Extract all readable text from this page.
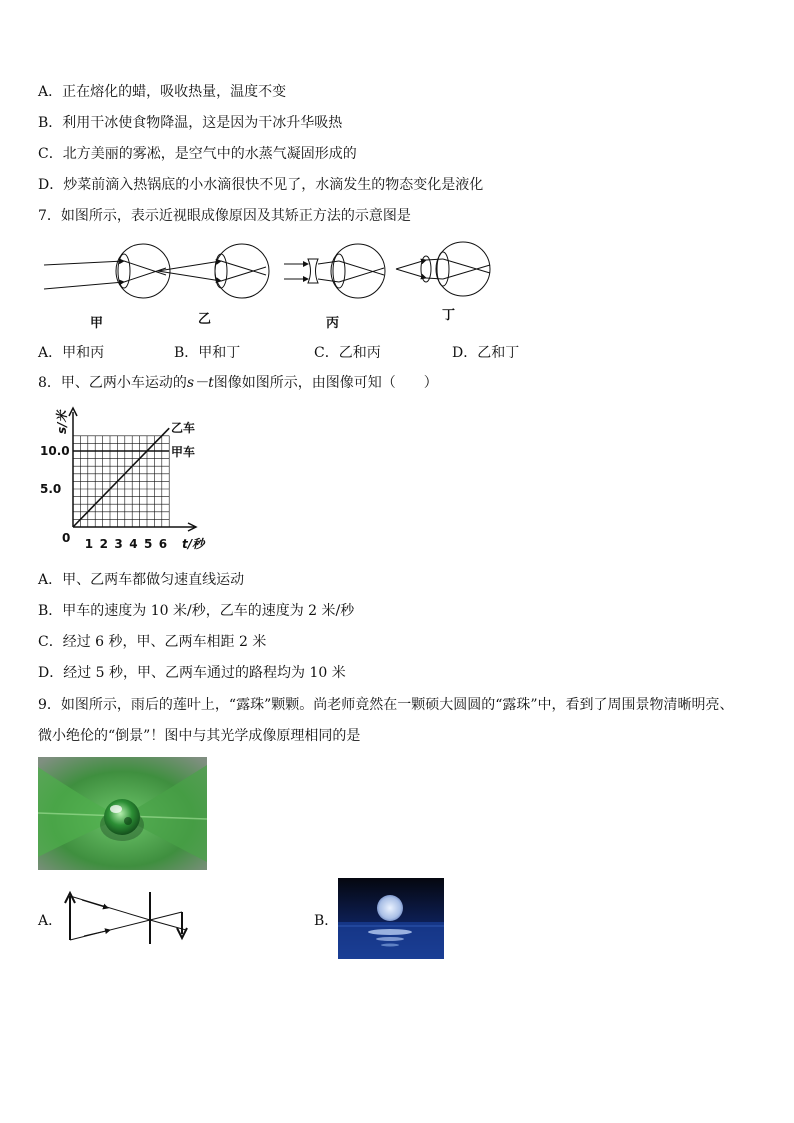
A．正在熔化的蜡，吸收热量，温度不变
B．利用干冰使食物降温，这是因为干冰升华吸热
C．北方美丽的雾凇，是空气中的水蒸气凝固形成的
D．炒菜前滴入热锅底的小水滴很快不见了，水滴发生的物态变化是液化
7．如图所示，表示近视眼成像原因及其矫正方法的示意图是
甲	乙	丙
丁
A．甲和丙	B．甲和丁	C．乙和丙	D．乙和丁
8．甲、乙两小车运动的s－t图像如图所示，由图像可知（　　）
0 1 2 3 4 5 6
5.0
10.0
t/秒
s/米	乙车
甲车
A．甲、乙两车都做匀速直线运动
B．甲车的速度为 10 米/秒，乙车的速度为 2 米/秒
C．经过 6 秒，甲、乙两车相距 2 米
D．经过 5 秒，甲、乙两车通过的路程均为 10 米
9．如图所示，雨后的莲叶上，“露珠”颗颗。尚老师竟然在一颗硕大圆圆的“露珠”中，看到了周围景物清晰明亮、
微小绝伦的“倒景”！图中与其光学成像原理相同的是
A．	B．
